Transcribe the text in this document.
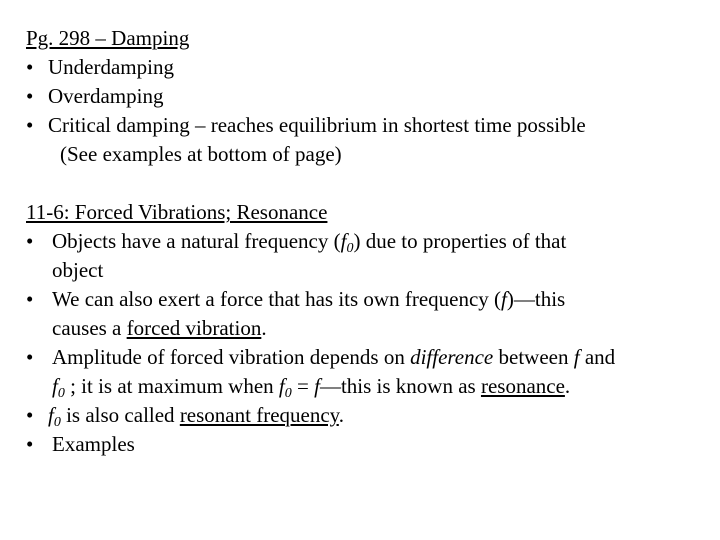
Pg. 298 – Damping
• Underdamping
• Overdamping
• Critical damping – reaches equilibrium in shortest time possible
(See examples at bottom of page)
11-6: Forced Vibrations; Resonance
• Objects have a natural frequency $(f_0)$ due to properties of that
object
• We can also exert a force that has its own frequency (f)—this
causes a forced vibration.
• Amplitude of forced vibration depends on difference between f and
$f_0$ ; it is at maximum when $f_0$ = f—this is known as resonance.
• $f_0$ is also called resonant frequency.
• Examples
